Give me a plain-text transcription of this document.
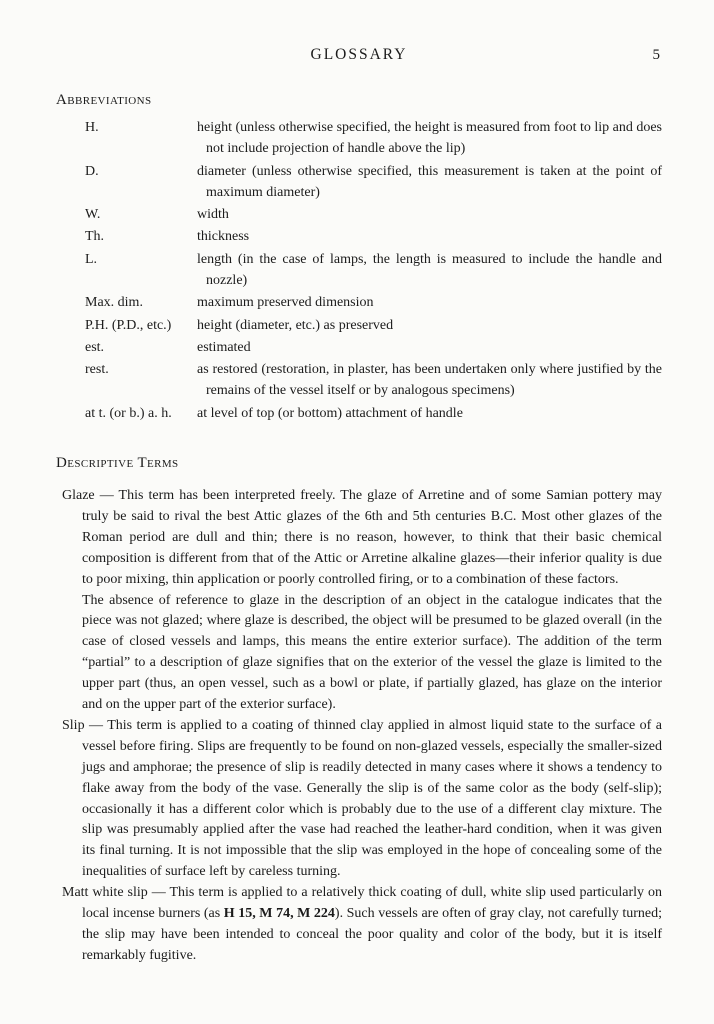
GLOSSARY	5
Abbreviations
H.	height (unless otherwise specified, the height is measured from foot to lip and does not include projection of handle above the lip)
D.	diameter (unless otherwise specified, this measurement is taken at the point of maximum diameter)
W.	width
Th.	thickness
L.	length (in the case of lamps, the length is measured to include the handle and nozzle)
Max. dim.	maximum preserved dimension
P.H. (P.D., etc.)	height (diameter, etc.) as preserved
est.	estimated
rest.	as restored (restoration, in plaster, has been undertaken only where justified by the remains of the vessel itself or by analogous specimens)
at t. (or b.) a. h.	at level of top (or bottom) attachment of handle
Descriptive Terms

Glaze — This term has been interpreted freely. The glaze of Arretine and of some Samian pottery may truly be said to rival the best Attic glazes of the 6th and 5th centuries B.C. Most other glazes of the Roman period are dull and thin; there is no reason, however, to think that their basic chemical composition is different from that of the Attic or Arretine alkaline glazes—their inferior quality is due to poor mixing, thin application or poorly controlled firing, or to a combination of these factors.

The absence of reference to glaze in the description of an object in the catalogue indicates that the piece was not glazed; where glaze is described, the object will be presumed to be glazed overall (in the case of closed vessels and lamps, this means the entire exterior surface). The addition of the term “partial” to a description of glaze signifies that on the exterior of the vessel the glaze is limited to the upper part (thus, an open vessel, such as a bowl or plate, if partially glazed, has glaze on the interior and on the upper part of the exterior surface).

Slip — This term is applied to a coating of thinned clay applied in almost liquid state to the surface of a vessel before firing. Slips are frequently to be found on non-glazed vessels, especially the smaller-sized jugs and amphorae; the presence of slip is readily detected in many cases where it shows a tendency to flake away from the body of the vase. Generally the slip is of the same color as the body (self-slip); occasionally it has a different color which is probably due to the use of a different clay mixture. The slip was presumably applied after the vase had reached the leather-hard condition, when it was given its final turning. It is not impossible that the slip was employed in the hope of concealing some of the inequalities of surface left by careless turning.

Matt white slip — This term is applied to a relatively thick coating of dull, white slip used particularly on local incense burners (as H 15, M 74, M 224). Such vessels are often of gray clay, not carefully turned; the slip may have been intended to conceal the poor quality and color of the body, but it is itself remarkably fugitive.
